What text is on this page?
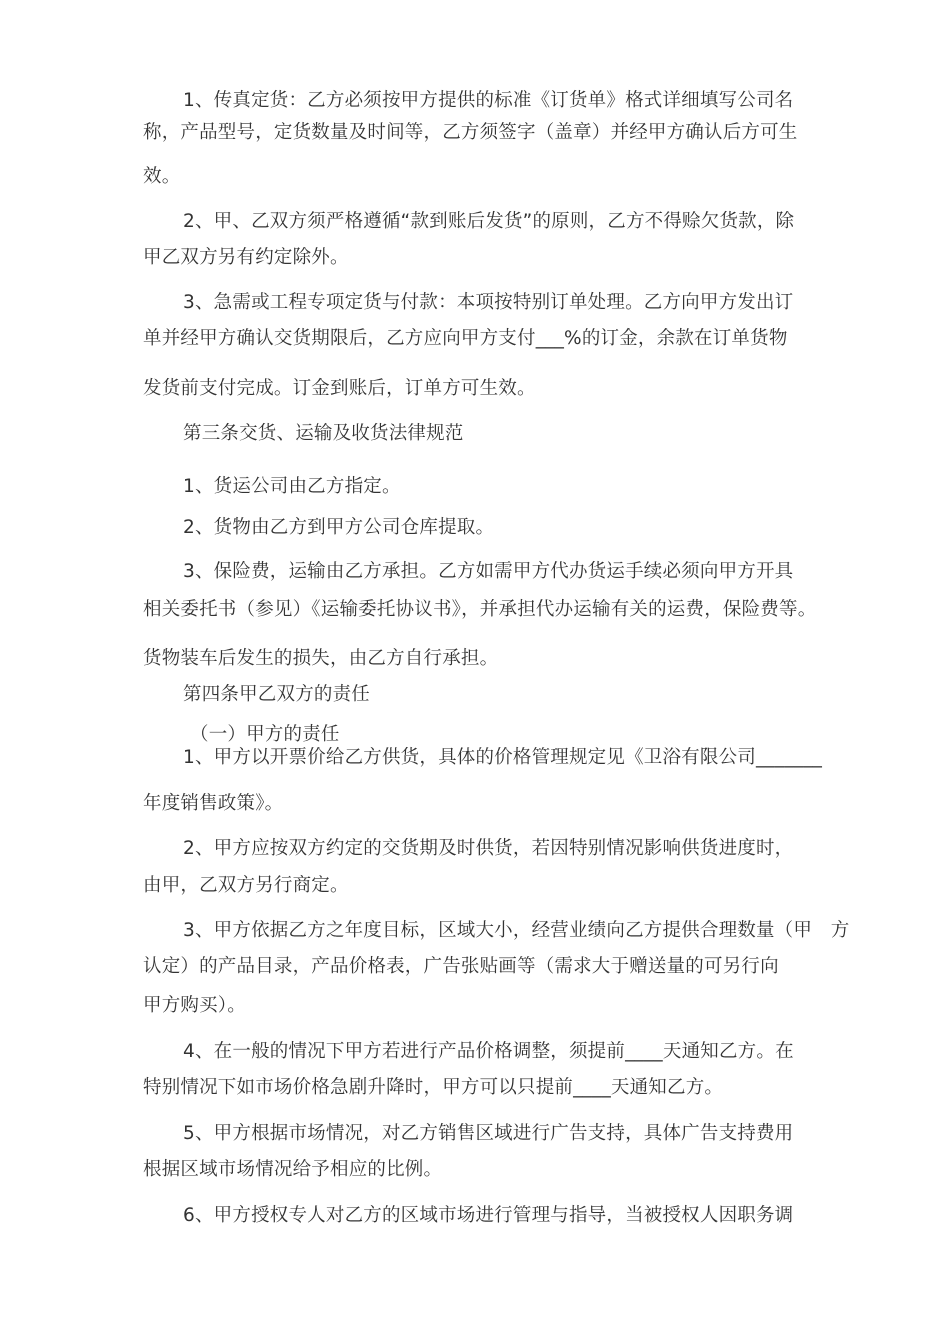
1、传真定货：乙方必须按甲方提供的标准《订货单》格式详细填写公司名
称，产品型号，定货数量及时间等，乙方须签字（盖章）并经甲方确认后方可生
效。
2、甲、乙双方须严格遵循“款到账后发货”的原则，乙方不得赊欠货款，除
甲乙双方另有约定除外。
3、急需或工程专项定货与付款：本项按特别订单处理。乙方向甲方发出订
单并经甲方确认交货期限后，乙方应向甲方支付___%的订金，余款在订单货物
发货前支付完成。订金到账后，订单方可生效。
第三条交货、运输及收货法律规范
1、货运公司由乙方指定。
2、货物由乙方到甲方公司仓库提取。
3、保险费，运输由乙方承担。乙方如需甲方代办货运手续必须向甲方开具
相关委托书（参见）《运输委托协议书》，并承担代办运输有关的运费，保险费等。
货物装车后发生的损失，由乙方自行承担。
第四条甲乙双方的责任
（一）甲方的责任
1、甲方以开票价给乙方供货，具体的价格管理规定见《卫浴有限公司_______
年度销售政策》。
2、甲方应按双方约定的交货期及时供货，若因特别情况影响供货进度时，
由甲，乙双方另行商定。
3、甲方依据乙方之年度目标，区域大小，经营业绩向乙方提供合理数量（甲　方
认定）的产品目录，产品价格表，广告张贴画等（需求大于赠送量的可另行向
甲方购买）。
4、在一般的情况下甲方若进行产品价格调整，须提前____天通知乙方。在
特别情况下如市场价格急剧升降时，甲方可以只提前____天通知乙方。
5、甲方根据市场情况，对乙方销售区域进行广告支持，具体广告支持费用
根据区域市场情况给予相应的比例。
6、甲方授权专人对乙方的区域市场进行管理与指导，当被授权人因职务调
